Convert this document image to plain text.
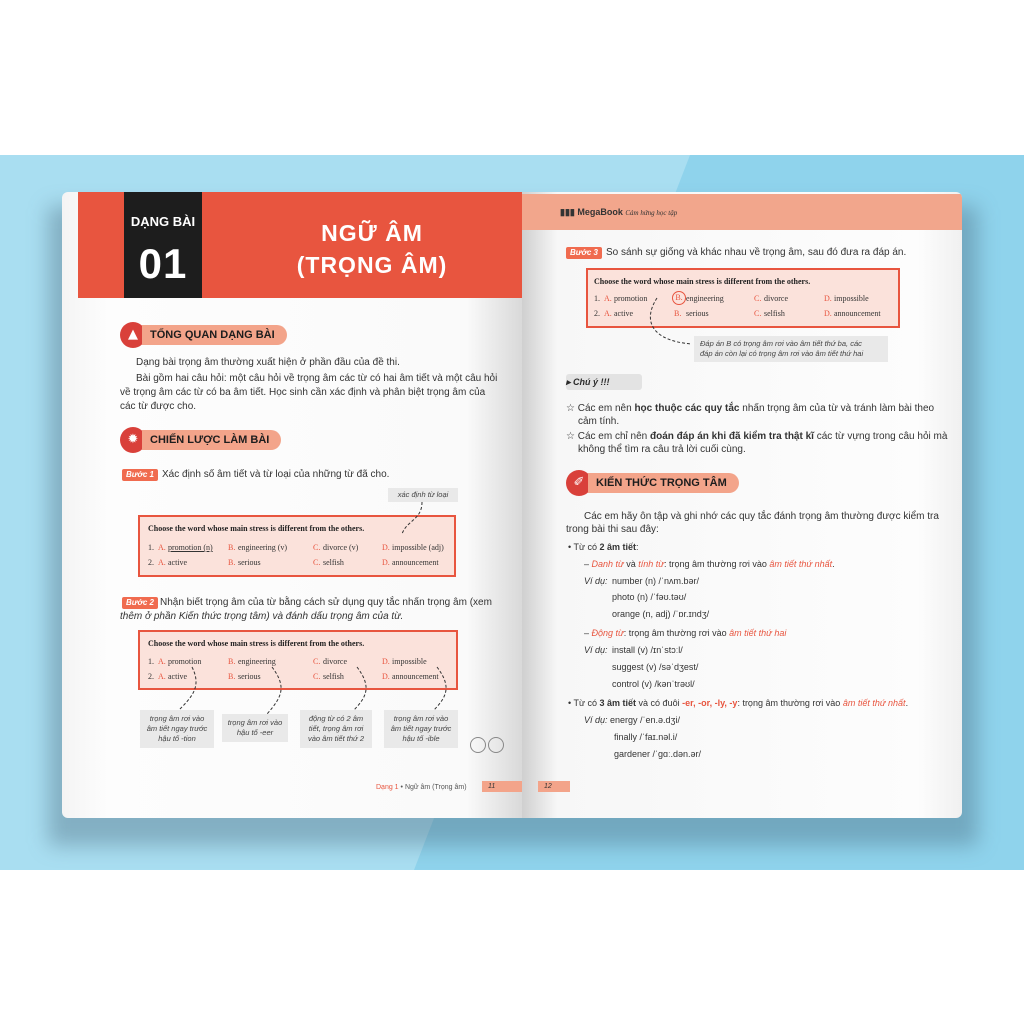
DẠNG BÀI
01
NGỮ ÂM
(TRỌNG ÂM)
▲	TỔNG QUAN DẠNG BÀI
Dạng bài trọng âm thường xuất hiện ở phần đầu của đề thi.
Bài gồm hai câu hỏi: một câu hỏi về trọng âm các từ có hai âm tiết và một câu hỏi
về trọng âm các từ có ba âm tiết. Học sinh cần xác định và phân biệt trọng âm của
các từ được cho.
✹	CHIẾN LƯỢC LÀM BÀI
Bước 1 Xác định số âm tiết và từ loại của những từ đã cho.
xác định từ loại
Choose the word whose main stress is different from the others.
1. A. promotion (n) B. engineering (v)	C. divorce (v)	D. impossible (adj)
2. A. active	B. serious	C. selfish	D. announcement
Bước 2 Nhận biết trọng âm của từ bằng cách sử dụng quy tắc nhấn trọng âm (xem
thêm ở phần Kiến thức trọng tâm) và đánh dấu trọng âm của từ.
Choose the word whose main stress is different from the others.
1. A. promotion	B. engineering	C. divorce	D. impossible
2. A. active	B. serious	C. selfish	D. announcement
trọng âm rơi vào
âm tiết ngay trước
hậu tố -tion
trọng âm rơi vào
hậu tố -eer
động từ có 2 âm
tiết, trọng âm rơi
vào âm tiết thứ 2
trọng âm rơi vào
âm tiết ngay trước
hậu tố -ible
Dạng 1 • Ngữ âm (Trọng âm)	11
▮▮▮ MegaBook Cảm hứng học tập
Bước 3 So sánh sự giống và khác nhau về trọng âm, sau đó đưa ra đáp án.
Choose the word whose main stress is different from the others.
1. A. promotion	B. engineering	C. divorce	D. impossible
2. A. active	B. serious	C. selfish	D. announcement
Đáp án B có trọng âm rơi vào âm tiết thứ ba, các
đáp án còn lại có trọng âm rơi vào âm tiết thứ hai
▸ Chú ý !!!
☆ Các em nên học thuộc các quy tắc nhấn trọng âm của từ và tránh làm bài theo
cảm tính.
☆ Các em chỉ nên đoán đáp án khi đã kiểm tra thật kĩ các từ vựng trong câu hỏi mà
không thể tìm ra câu trả lời cuối cùng.
✐	KIẾN THỨC TRỌNG TÂM
Các em hãy ôn tập và ghi nhớ các quy tắc đánh trọng âm thường được kiểm tra
trong bài thi sau đây:
• Từ có 2 âm tiết:
– Danh từ và tính từ: trọng âm thường rơi vào âm tiết thứ nhất.
Ví dụ: number (n) /ˈnʌm.bər/
photo (n) /ˈfəʊ.təʊ/
orange (n, adj) /ˈɒr.ɪndʒ/
– Động từ: trọng âm thường rơi vào âm tiết thứ hai
Ví dụ: install (v) /ɪnˈstɔːl/
suggest (v) /səˈdʒest/
control (v) /kənˈtrəʊl/
• Từ có 3 âm tiết và có đuôi -er, -or, -ly, -y: trọng âm thường rơi vào âm tiết thứ nhất.
Ví dụ: energy /ˈen.ə.dʒi/
finally /ˈfaɪ.nəl.i/
gardener /ˈɡɑː.dən.ər/
12
